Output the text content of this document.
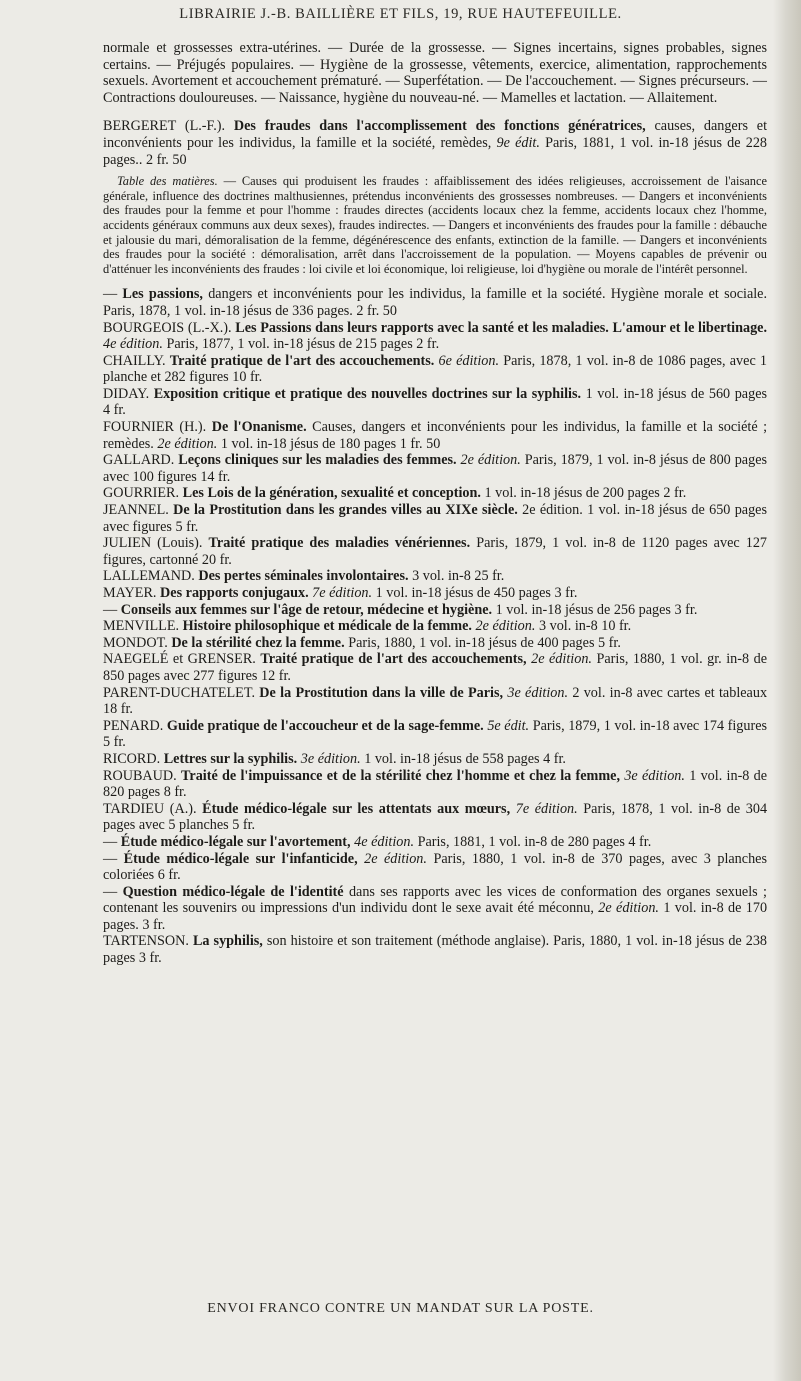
LIBRAIRIE J.-B. BAILLIÈRE ET FILS, 19, RUE HAUTEFEUILLE.

normale et grossesses extra-utérines. — Durée de la grossesse. — Signes incertains, signes probables, signes certains. — Préjugés populaires. — Hygiène de la grossesse, vêtements, exercice, alimentation, rapprochements sexuels. Avortement et accouchement prématuré. — Superfétation. — De l'accouchement. — Signes précurseurs. — Contractions douloureuses. — Naissance, hygiène du nouveau-né. — Mamelles et lactation. — Allaitement.

BERGERET (L.-F.). Des fraudes dans l'accomplissement des fonctions génératrices, causes, dangers et inconvénients pour les individus, la famille et la société, remèdes, 9e édit. Paris, 1881, 1 vol. in-18 jésus de 228 pages.. 2 fr. 50

Table des matières. — Causes qui produisent les fraudes : affaiblissement des idées religieuses, accroissement de l'aisance générale, influence des doctrines malthusiennes, prétendus inconvénients des grossesses nombreuses. — Dangers et inconvénients des fraudes pour la femme et pour l'homme : fraudes directes (accidents locaux chez la femme, accidents locaux chez l'homme, accidents généraux communs aux deux sexes), fraudes indirectes. — Dangers et inconvénients des fraudes pour la famille : débauche et jalousie du mari, démoralisation de la femme, dégénérescence des enfants, extinction de la famille. — Dangers et inconvénients des fraudes pour la société : démoralisation, arrêt dans l'accroissement de la population. — Moyens capables de prévenir ou d'atténuer les inconvénients des fraudes : loi civile et loi économique, loi religieuse, loi d'hygiène ou morale de l'intérêt personnel.

— Les passions, dangers et inconvénients pour les individus, la famille et la société. Hygiène morale et sociale. Paris, 1878, 1 vol. in-18 jésus de 336 pages. 2 fr. 50
BOURGEOIS (L.-X.). Les Passions dans leurs rapports avec la santé et les maladies. L'amour et le libertinage. 4e édition. Paris, 1877, 1 vol. in-18 jésus de 215 pages 2 fr.
CHAILLY. Traité pratique de l'art des accouchements. 6e édition. Paris, 1878, 1 vol. in-8 de 1086 pages, avec 1 planche et 282 figures 10 fr.
DIDAY. Exposition critique et pratique des nouvelles doctrines sur la syphilis. 1 vol. in-18 jésus de 560 pages 4 fr.
FOURNIER (H.). De l'Onanisme. Causes, dangers et inconvénients pour les individus, la famille et la société ; remèdes. 2e édition. 1 vol. in-18 jésus de 180 pages 1 fr. 50
GALLARD. Leçons cliniques sur les maladies des femmes. 2e édition. Paris, 1879, 1 vol. in-8 jésus de 800 pages avec 100 figures 14 fr.
GOURRIER. Les Lois de la génération, sexualité et conception. 1 vol. in-18 jésus de 200 pages 2 fr.
JEANNEL. De la Prostitution dans les grandes villes au XIXe siècle. 2e édition. 1 vol. in-18 jésus de 650 pages avec figures 5 fr.
JULIEN (Louis). Traité pratique des maladies vénériennes. Paris, 1879, 1 vol. in-8 de 1120 pages avec 127 figures, cartonné 20 fr.
LALLEMAND. Des pertes séminales involontaires. 3 vol. in-8 25 fr.
MAYER. Des rapports conjugaux. 7e édition. 1 vol. in-18 jésus de 450 pages 3 fr.
— Conseils aux femmes sur l'âge de retour, médecine et hygiène. 1 vol. in-18 jésus de 256 pages 3 fr.
MENVILLE. Histoire philosophique et médicale de la femme. 2e édition. 3 vol. in-8 10 fr.
MONDOT. De la stérilité chez la femme. Paris, 1880, 1 vol. in-18 jésus de 400 pages 5 fr.
NAEGELÉ et GRENSER. Traité pratique de l'art des accouchements, 2e édition. Paris, 1880, 1 vol. gr. in-8 de 850 pages avec 277 figures 12 fr.
PARENT-DUCHATELET. De la Prostitution dans la ville de Paris, 3e édition. 2 vol. in-8 avec cartes et tableaux 18 fr.
PENARD. Guide pratique de l'accoucheur et de la sage-femme. 5e édit. Paris, 1879, 1 vol. in-18 avec 174 figures 5 fr.
RICORD. Lettres sur la syphilis. 3e édition. 1 vol. in-18 jésus de 558 pages 4 fr.
ROUBAUD. Traité de l'impuissance et de la stérilité chez l'homme et chez la femme, 3e édition. 1 vol. in-8 de 820 pages 8 fr.
TARDIEU (A.). Étude médico-légale sur les attentats aux mœurs, 7e édition. Paris, 1878, 1 vol. in-8 de 304 pages avec 5 planches 5 fr.
— Étude médico-légale sur l'avortement, 4e édition. Paris, 1881, 1 vol. in-8 de 280 pages 4 fr.
— Étude médico-légale sur l'infanticide, 2e édition. Paris, 1880, 1 vol. in-8 de 370 pages, avec 3 planches coloriées 6 fr.
— Question médico-légale de l'identité dans ses rapports avec les vices de conformation des organes sexuels ; contenant les souvenirs ou impressions d'un individu dont le sexe avait été méconnu, 2e édition. 1 vol. in-8 de 170 pages. 3 fr.
TARTENSON. La syphilis, son histoire et son traitement (méthode anglaise). Paris, 1880, 1 vol. in-18 jésus de 238 pages 3 fr.
ENVOI FRANCO CONTRE UN MANDAT SUR LA POSTE.
